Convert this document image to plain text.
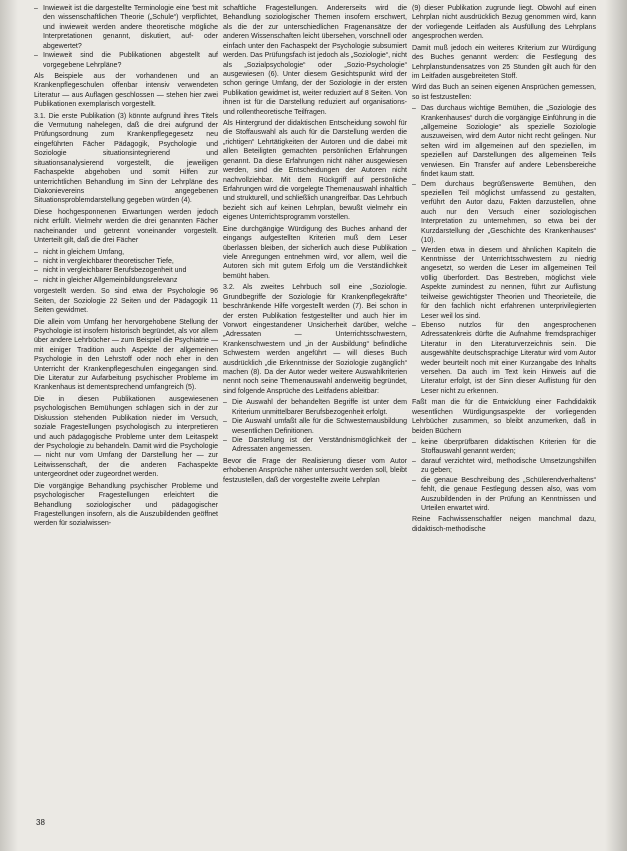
– Inwieweit ist die dargestellte Terminologie eine 'best mit den wissenschaftlichen Theorie („Schule“) verpflichtet, und inwieweit werden andere theoretische mögliche Interpretationen genannt, diskutiert, auf- oder abgewertet?
– Inwieweit sind die Publikationen abgestellt auf vorgegebene Lehrpläne?

Als Beispiele aus der vorhandenen und an Krankenpflegeschulen offenbar intensiv verwendeten Literatur — aus Auflagen geschlossen — stehen hier zwei Publikationen exemplarisch vorgestellt.

3.1. Die erste Publikation (3) könnte aufgrund ihres Titels die Vermutung nahelegen, daß die drei aufgrund der Prüfungsordnung zum Krankenpflegegesetz neu eingeführten Fächer Pädagogik, Psychologie und Soziologie situationsintegrierend und situationsanalysierend vorgestellt, die jeweiligen Fachaspekte abgehoben und somit Hilfen zur unterrichtlichen Behandlung im Sinn der Lehrpläne des Diakonievereins angegebenen Situationsproblemdarstellung gegeben würden (4).

Diese hochgesponnenen Erwartungen werden jedoch nicht erfüllt. Vielmehr werden die drei genannten Fächer nacheinander und getrennt voneinander vorgestellt. Unterteilt gilt, daß die drei Fächer

– nicht in gleichem Umfang,
– nicht in vergleichbarer theoretischer Tiefe,
– nicht in vergleichbarer Berufsbezogenheit und
– nicht in gleicher Allgemeinbildungsrelevanz

vorgestellt werden. So sind etwa der Psychologie 96 Seiten, der Soziologie 22 Seiten und der Pädagogik 11 Seiten gewidmet.

Die allein vom Umfang her hervorgehobene Stellung der Psychologie ist insofern historisch begründet, als vor allem über andere Lehrbücher — zum Beispiel die Psychiatrie — mit einiger Tradition auch Aspekte der allgemeinen Psychologie in den Lehrstoff oder noch eher in den Unterricht der Krankenpflegeschulen eingegangen sind. Die Literatur zur Aufarbeitung psychischer Probleme im Krankenhaus ist dementsprechend umfangreich (5).

Die in diesen Publikationen ausgewiesenen psychologischen Bemühungen schlagen sich in der zur Diskussion stehenden Publikation nieder im Versuch, soziale Fragestellungen psychologisch zu interpretieren und auch pädagogische Probleme unter dem Leitaspekt der Psychologie zu behandeln. Damit wird die Psychologie — nicht nur vom Umfang der Darstellung her — zur Leitwissenschaft, der die anderen Fachaspekte untergeordnet oder zugeordnet werden.

Die vorgängige Behandlung psychischer Probleme und psychologischer Fragestellungen erleichtert die Behandlung soziologischer und pädagogischer Fragestellungen insofern, als die Auszubildenden geöffnet werden für sozialwissen-

schaftliche Fragestellungen. Andererseits wird die Behandlung soziologischer Themen insofern erschwert, als die der zur unterschiedlichen Fragenansätze der anderen Wissenschaften leicht übersehen, vorschnell oder einfach unter den Fachaspekt der Psychologie subsumiert werden. Das Prüfungsfach ist jedoch als „Soziologie“, nicht als „Sozialpsychologie“ oder „Sozio-Psychologie“ ausgewiesen (6). Unter diesem Gesichtspunkt wird der schon geringe Umfang, der der Soziologie in der ersten Publikation gewidmet ist, weiter reduziert auf 8 Seiten. Von ihnen ist für die Darstellung reduziert auf organisations- und rollentheoretische Teilfragen.

Als Hintergrund der didaktischen Entscheidung sowohl für die Stoffauswahl als auch für die Darstellung werden die „richtigen“ Lehrtätigkeiten der Autoren und die dabei mit allen Beteiligten gemachten persönlichen Erfahrungen genannt. Da diese Erfahrungen nicht näher ausgewiesen werden, sind die Entscheidungen der Autoren nicht nachvollziehbar. Mit dem Rückgriff auf persönliche Erfahrungen wird die vorgelegte Themenauswahl inhaltlich und strukturell, und schließlich unangreifbar. Das Lehrbuch bezieht sich auf keinen Lehrplan, bewußt vielmehr ein eigenes Unterrichtsprogramm vorstellen.

Eine durchgängige Würdigung des Buches anhand der eingangs aufgestellten Kriterien muß dem Leser überlassen bleiben, der sicherlich auch diese Publikation viele Anregungen entnehmen wird, vor allem, weil die Autoren sich mit gutem Erfolg um die Verständlichkeit bemüht haben.

3.2. Als zweites Lehrbuch soll eine „Soziologie. Grundbegriffe der Soziologie für Krankenpflegekräfte“ beschränkende Hilfe vorgestellt werden (7). Bei schon in der ersten Publikation festgestellter und auch hier im Vorwort eingestandener Unsicherheit darüber, welche „Adressaten — Unterrichtsschwestern, Krankenschwestern und „in der Ausbildung“ befindliche Schwestern werden angeführt — will dieses Buch ausdrücklich „die Erkenntnisse der Soziologie zugänglich“ machen (8). Da der Autor weder weitere Auswahlkriterien nennt noch seine Themenauswahl anderweitig begründet, sind folgende Ansprüche des Leitfadens ableitbar:

– Die Auswahl der behandelten Begriffe ist unter dem Kriterium unmittelbarer Berufsbezogenheit erfolgt.
– Die Auswahl umfaßt alle für die Schwesternausbildung wesentlichen Definitionen.
– Die Darstellung ist der Verständnismöglichkeit der Adressaten angemessen.

Bevor die Frage der Realisierung dieser vom Autor erhobenen Ansprüche näher untersucht werden soll, bleibt festzustellen, daß der vorgestellte zweite Lehrplan

(9) dieser Publikation zugrunde liegt. Obwohl auf einen Lehrplan nicht ausdrücklich Bezug genommen wird, kann der vorliegende Leitfaden als Ausfüllung des Lehrplans angesprochen werden.

Damit muß jedoch ein weiteres Kriterium zur Würdigung des Buches genannt werden: die Festlegung des Lehrplanstundensatzes von 25 Stunden gilt auch für den im Leitfaden ausgebreiteten Stoff.

Wird das Buch an seinen eigenen Ansprüchen gemessen, so ist festzustellen:

– Das durchaus wichtige Bemühen, die „Soziologie des Krankenhauses“ durch die vorgängige Einführung in die „allgemeine Soziologie“ als spezielle Soziologie auszuweisen, wird dem Autor nicht recht gelingen. Nur selten wird im allgemeinen auf den speziellen, im speziellen auf Darstellungen des allgemeinen Teils verwiesen. Ein Transfer auf andere Lebensbereiche findet kaum statt.
– Dem durchaus begrüßenswerte Bemühen, den speziellen Teil möglichst umfassend zu gestalten, verführt den Autor dazu, Fakten darzustellen, ohne auch nur den Versuch einer soziologischen Interpretation zu unternehmen, so etwa bei der Kurzdarstellung der „Geschichte des Krankenhauses“ (10).
– Werden etwa in diesem und ähnlichen Kapiteln die Kenntnisse der Unterrichtsschwestern zu niedrig angesetzt, so werden die Leser im allgemeinen Teil völlig überfordert. Das Bestreben, möglichst viele Aspekte zumindest zu nennen, führt zur Auflistung teilweise gewichtigster Theorien und Theorieteile, die für den fachlich nicht erfahrenen unterprivilegierten Leser weil los sind.
– Ebenso nutzlos für den angesprochenen Adressatenkreis dürfte die Aufnahme fremdsprachiger Literatur in den Literaturverzeichnis sein. Die ausgewählte deutschsprachige Literatur wird vom Autor weder beurteilt noch mit einer Kurzangabe des Inhalts versehen. Da auch im Text kein Hinweis auf die Literatur erfolgt, ist der Sinn dieser Auflistung für den Leser nicht zu erkennen.

Faßt man die für die Entwicklung einer Fachdidaktik wesentlichen Würdigungsaspekte der vorliegenden Lehrbücher zusammen, so bleibt anzumerken, daß in beiden Büchern

– keine überprüfbaren didaktischen Kriterien für die Stoffauswahl genannt werden;
– darauf verzichtet wird, methodische Umsetzungshilfen zu geben;
– die genaue Beschreibung des „Schülerendverhaltens“ fehlt, die genaue Festlegung dessen also, was vom Auszubildenden in der Prüfung an Kenntnissen und Urteilen erwartet wird.

Reine Fachwissenschaftler neigen manchmal dazu, didaktisch-methodische

38
